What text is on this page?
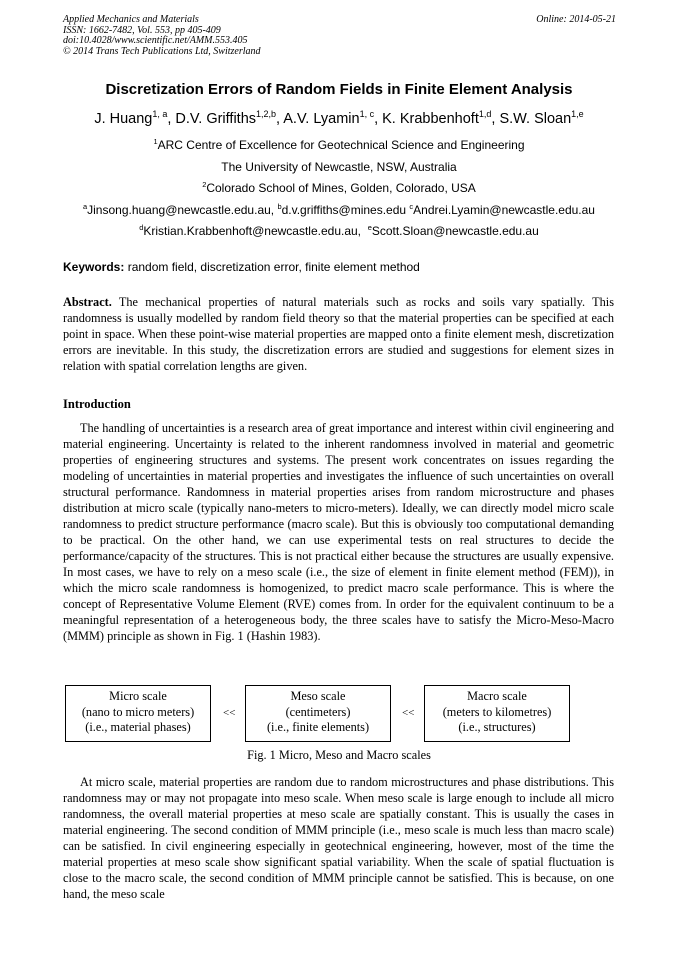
Applied Mechanics and Materials
ISSN: 1662-7482, Vol. 553, pp 405-409
doi:10.4028/www.scientific.net/AMM.553.405
© 2014 Trans Tech Publications Ltd, Switzerland
Online: 2014-05-21
Discretization Errors of Random Fields in Finite Element Analysis
J. Huang$^{1, a}$, D.V. Griffiths$^{1,2,b}$, A.V. Lyamin$^{1, c}$, K. Krabbenhoft$^{1,d}$, S.W. Sloan$^{1,e}$
$^1$ARC Centre of Excellence for Geotechnical Science and Engineering
The University of Newcastle, NSW, Australia
$^2$Colorado School of Mines, Golden, Colorado, USA
$^a$Jinsong.huang@newcastle.edu.au, $^b$d.v.griffiths@mines.edu $^c$Andrei.Lyamin@newcastle.edu.au
$^d$Kristian.Krabbenhoft@newcastle.edu.au, $^e$Scott.Sloan@newcastle.edu.au
Keywords: random field, discretization error, finite element method
Abstract. The mechanical properties of natural materials such as rocks and soils vary spatially. This randomness is usually modelled by random field theory so that the material properties can be specified at each point in space. When these point-wise material properties are mapped onto a finite element mesh, discretization errors are inevitable. In this study, the discretization errors are studied and suggestions for element sizes in relation with spatial correlation lengths are given.
Introduction
The handling of uncertainties is a research area of great importance and interest within civil engineering and material engineering. Uncertainty is related to the inherent randomness involved in material and geometric properties of engineering structures and systems. The present work concentrates on issues regarding the modeling of uncertainties in material properties and investigates the influence of such uncertainties on overall structural performance. Randomness in material properties arises from random microstructure and phases distribution at micro scale (typically nano-meters to micro-meters). Ideally, we can directly model micro scale randomness to predict structure performance (macro scale). But this is obviously too computational demanding to be practical. On the other hand, we can use experimental tests on real structures to decide the performance/capacity of the structures. This is not practical either because the structures are usually expensive. In most cases, we have to rely on a meso scale (i.e., the size of element in finite element method (FEM)), in which the micro scale randomness is homogenized, to predict macro scale performance. This is where the concept of Representative Volume Element (RVE) comes from. In order for the equivalent continuum to be a meaningful representation of a heterogeneous body, the three scales have to satisfy the Micro-Meso-Macro (MMM) principle as shown in Fig. 1 (Hashin 1983).
Micro scale
(nano to micro meters)
(i.e., material phases)
<<
Meso scale
(centimeters)
(i.e., finite elements)
<<
Macro scale
(meters to kilometres)
(i.e., structures)
Fig. 1 Micro, Meso and Macro scales
At micro scale, material properties are random due to random microstructures and phase distributions. This randomness may or may not propagate into meso scale. When meso scale is large enough to include all micro randomness, the overall material properties at meso scale are spatially constant. This is usually the cases in material engineering. The second condition of MMM principle (i.e., meso scale is much less than macro scale) can be satisfied. In civil engineering especially in geotechnical engineering, however, most of the time the material properties at meso scale show significant spatial variability. When the scale of spatial fluctuation is close to the macro scale, the second condition of MMM principle cannot be satisfied. This is because, on one hand, the meso scale
